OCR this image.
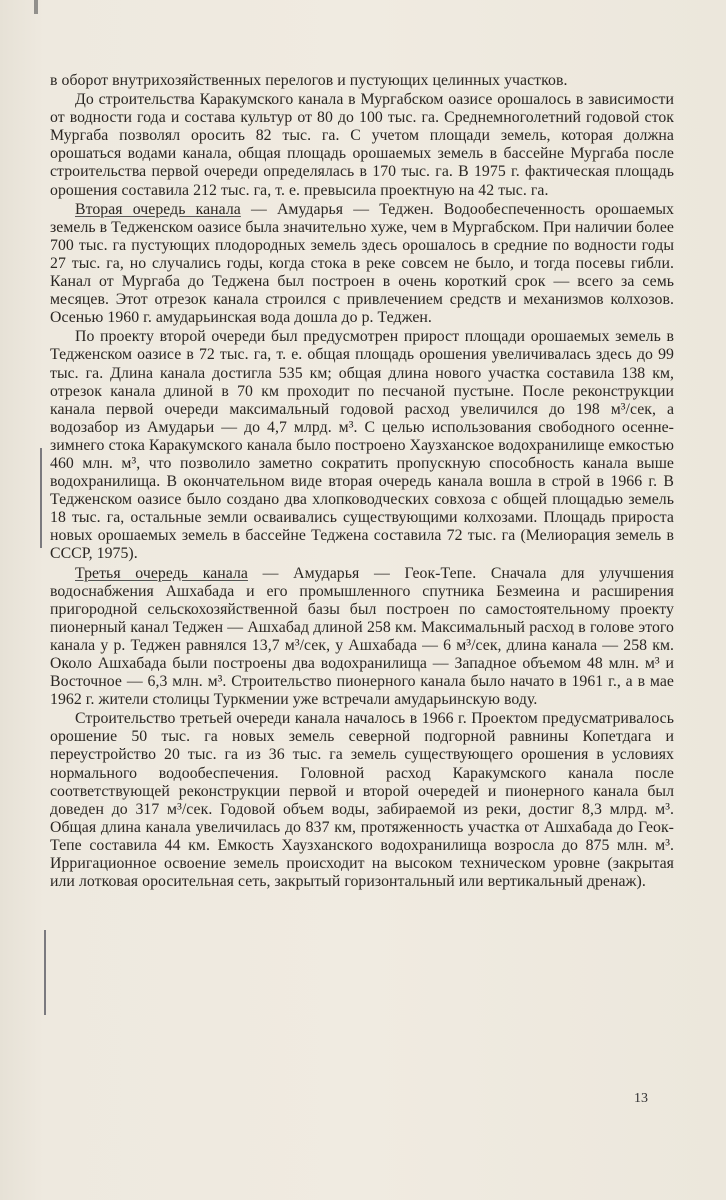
в оборот внутрихозяйственных перелогов и пустующих целинных участков.

До строительства Каракумского канала в Мургабском оазисе орошалось в зависимости от водности года и состава культур от 80 до 100 тыс. га. Среднемноголетний годовой сток Мургаба позволял оросить 82 тыс. га. С учетом площади земель, которая должна орошаться водами канала, общая площадь орошаемых земель в бассейне Мургаба после строительства первой очереди определялась в 170 тыс. га. В 1975 г. фактическая площадь орошения составила 212 тыс. га, т. е. превысила проектную на 42 тыс. га.

Вторая очередь канала — Амударья — Теджен. Водообеспеченность орошаемых земель в Тедженском оазисе была значительно хуже, чем в Мургабском. При наличии более 700 тыс. га пустующих плодородных земель здесь орошалось в средние по водности годы 27 тыс. га, но случались годы, когда стока в реке совсем не было, и тогда посевы гибли. Канал от Мургаба до Теджена был построен в очень короткий срок — всего за семь месяцев. Этот отрезок канала строился с привлечением средств и механизмов колхозов. Осенью 1960 г. амударьинская вода дошла до р. Теджен.

По проекту второй очереди был предусмотрен прирост площади орошаемых земель в Тедженском оазисе в 72 тыс. га, т. е. общая площадь орошения увеличивалась здесь до 99 тыс. га. Длина канала достигла 535 км; общая длина нового участка составила 138 км, отрезок канала длиной в 70 км проходит по песчаной пустыне. После реконструкции канала первой очереди максимальный годовой расход увеличился до 198 м³/сек, а водозабор из Амударьи — до 4,7 млрд. м³. С целью использования свободного осенне-зимнего стока Каракумского канала было построено Хаузханское водохранилище емкостью 460 млн. м³, что позволило заметно сократить пропускную способность канала выше водохранилища. В окончательном виде вторая очередь канала вошла в строй в 1966 г. В Тедженском оазисе было создано два хлопководческих совхоза с общей площадью земель 18 тыс. га, остальные земли осваивались существующими колхозами. Площадь прироста новых орошаемых земель в бассейне Теджена составила 72 тыс. га (Мелиорация земель в СССР, 1975).

Третья очередь канала — Амударья — Геок-Тепе. Сначала для улучшения водоснабжения Ашхабада и его промышленного спутника Безмеина и расширения пригородной сельскохозяйственной базы был построен по самостоятельному проекту пионерный канал Теджен — Ашхабад длиной 258 км. Максимальный расход в голове этого канала у р. Теджен равнялся 13,7 м³/сек, у Ашхабада — 6 м³/сек, длина канала — 258 км. Около Ашхабада были построены два водохранилища — Западное объемом 48 млн. м³ и Восточное — 6,3 млн. м³. Строительство пионерного канала было начато в 1961 г., а в мае 1962 г. жители столицы Туркмении уже встречали амударьинскую воду.

Строительство третьей очереди канала началось в 1966 г. Проектом предусматривалось орошение 50 тыс. га новых земель северной подгорной равнины Копетдага и переустройство 20 тыс. га из 36 тыс. га земель существующего орошения в условиях нормального водообеспечения. Головной расход Каракумского канала после соответствующей реконструкции первой и второй очередей и пионерного канала был доведен до 317 м³/сек. Годовой объем воды, забираемой из реки, достиг 8,3 млрд. м³. Общая длина канала увеличилась до 837 км, протяженность участка от Ашхабада до Геок-Тепе составила 44 км. Емкость Хаузханского водохранилища возросла до 875 млн. м³. Ирригационное освоение земель происходит на высоком техническом уровне (закрытая или лотковая оросительная сеть, закрытый горизонтальный или вертикальный дренаж).

13
